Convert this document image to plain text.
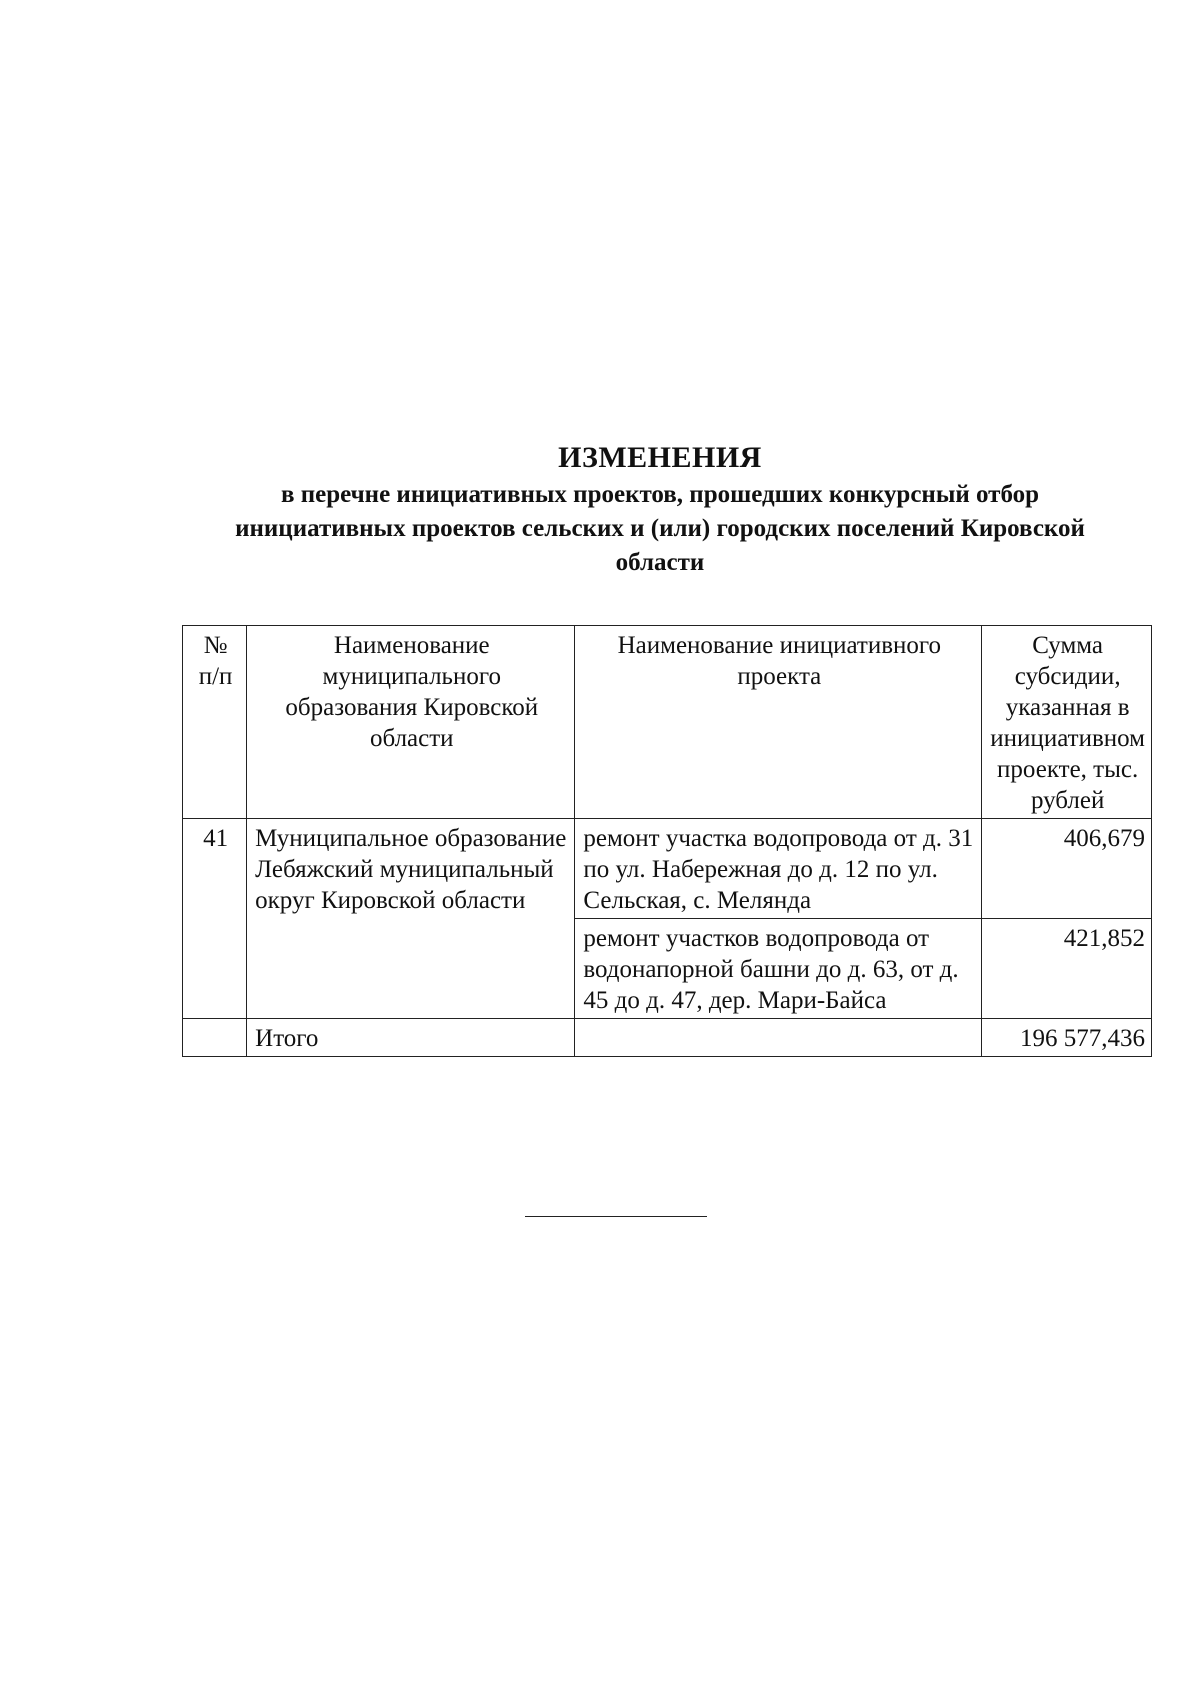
ИЗМЕНЕНИЯ
в перечне инициативных проектов, прошедших конкурсный отбор
инициативных проектов сельских и (или) городских поселений Кировской
области
№ п/п	Наименование муниципального образования Кировской области	Наименование инициативного проекта	Сумма субсидии, указанная в инициативном проекте, тыс. рублей
41	Муниципальное образование Лебяжский муниципальный округ Кировской области	ремонт участка водопровода от д. 31 по ул. Набережная до д. 12 по ул. Сельская, с. Мелянда	406,679
		ремонт участков водопровода от водонапорной башни до д. 63, от д. 45 до д. 47, дер. Мари-Байса	421,852
	Итого		196 577,436
